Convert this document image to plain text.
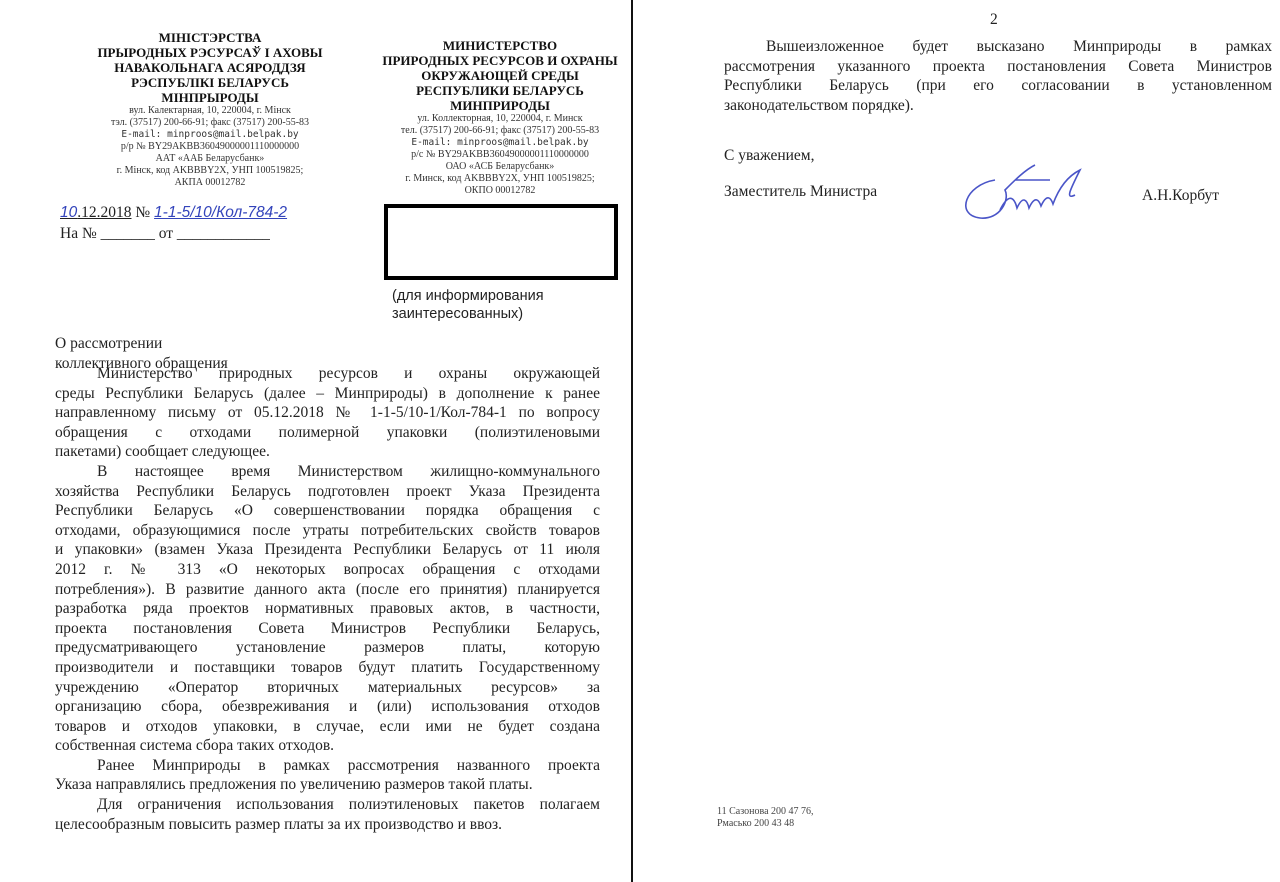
МІНІСТЭРСТВА
ПРЫРОДНЫХ РЭСУРСАЎ І АХОВЫ
НАВАКОЛЬНАГА АСЯРОДДЗЯ
РЭСПУБЛІКІ БЕЛАРУСЬ
МІНПРЫРОДЫ
вул. Калектарная, 10, 220004, г. Мінск
тэл. (37517) 200-66-91; факс (37517) 200-55-83
E-mail: minproos@mail.belpak.by
р/р № BY29AKBB36049000001110000000
ААТ «ААБ Беларусбанк»
г. Мінск, код AKBBBY2X, УНП 100519825;
АКПА 00012782
МИНИСТЕРСТВО
ПРИРОДНЫХ РЕСУРСОВ И ОХРАНЫ
ОКРУЖАЮЩЕЙ СРЕДЫ
РЕСПУБЛИКИ БЕЛАРУСЬ
МИНПРИРОДЫ
ул. Коллекторная, 10, 220004, г. Минск
тел. (37517) 200-66-91; факс (37517) 200-55-83
E-mail: minproos@mail.belpak.by
р/с № BY29AKBB36049000001110000000
ОАО «АСБ Беларусбанк»
г. Минск, код AKBBBY2X, УНП 100519825;
ОКПО 00012782
10.12.2018 № 1-1-5/10/Кол-784-2
На № _______ от ____________
(для информирования
заинтересованных)
О рассмотрении
коллективного обращения
Министерство природных ресурсов и охраны окружающей
среды Республики Беларусь (далее – Минприроды) в дополнение к ранее
направленному письму от 05.12.2018 № 1-1-5/10-1/Кол-784-1 по вопросу
обращения с отходами полимерной упаковки (полиэтиленовыми
пакетами) сообщает следующее.
В настоящее время Министерством жилищно-коммунального
хозяйства Республики Беларусь подготовлен проект Указа Президента
Республики Беларусь «О совершенствовании порядка обращения с
отходами, образующимися после утраты потребительских свойств товаров
и упаковки» (взамен Указа Президента Республики Беларусь от 11 июля
2012 г. № 313 «О некоторых вопросах обращения с отходами
потребления»). В развитие данного акта (после его принятия) планируется
разработка ряда проектов нормативных правовых актов, в частности,
проекта постановления Совета Министров Республики Беларусь,
предусматривающего установление размеров платы, которую
производители и поставщики товаров будут платить Государственному
учреждению «Оператор вторичных материальных ресурсов» за
организацию сбора, обезвреживания и (или) использования отходов
товаров и отходов упаковки, в случае, если ими не будет создана
собственная система сбора таких отходов.
Ранее Минприроды в рамках рассмотрения названного проекта
Указа направлялись предложения по увеличению размеров такой платы.
Для ограничения использования полиэтиленовых пакетов полагаем
целесообразным повысить размер платы за их производство и ввоз.
2
Вышеизложенное будет высказано Минприроды в рамках
рассмотрения указанного проекта постановления Совета Министров
Республики Беларусь (при его согласовании в установленном
законодательством порядке).
С уважением,
Заместитель Министра	А.Н.Корбут
11 Сазонова 200 47 76,
Рмасько 200 43 48
